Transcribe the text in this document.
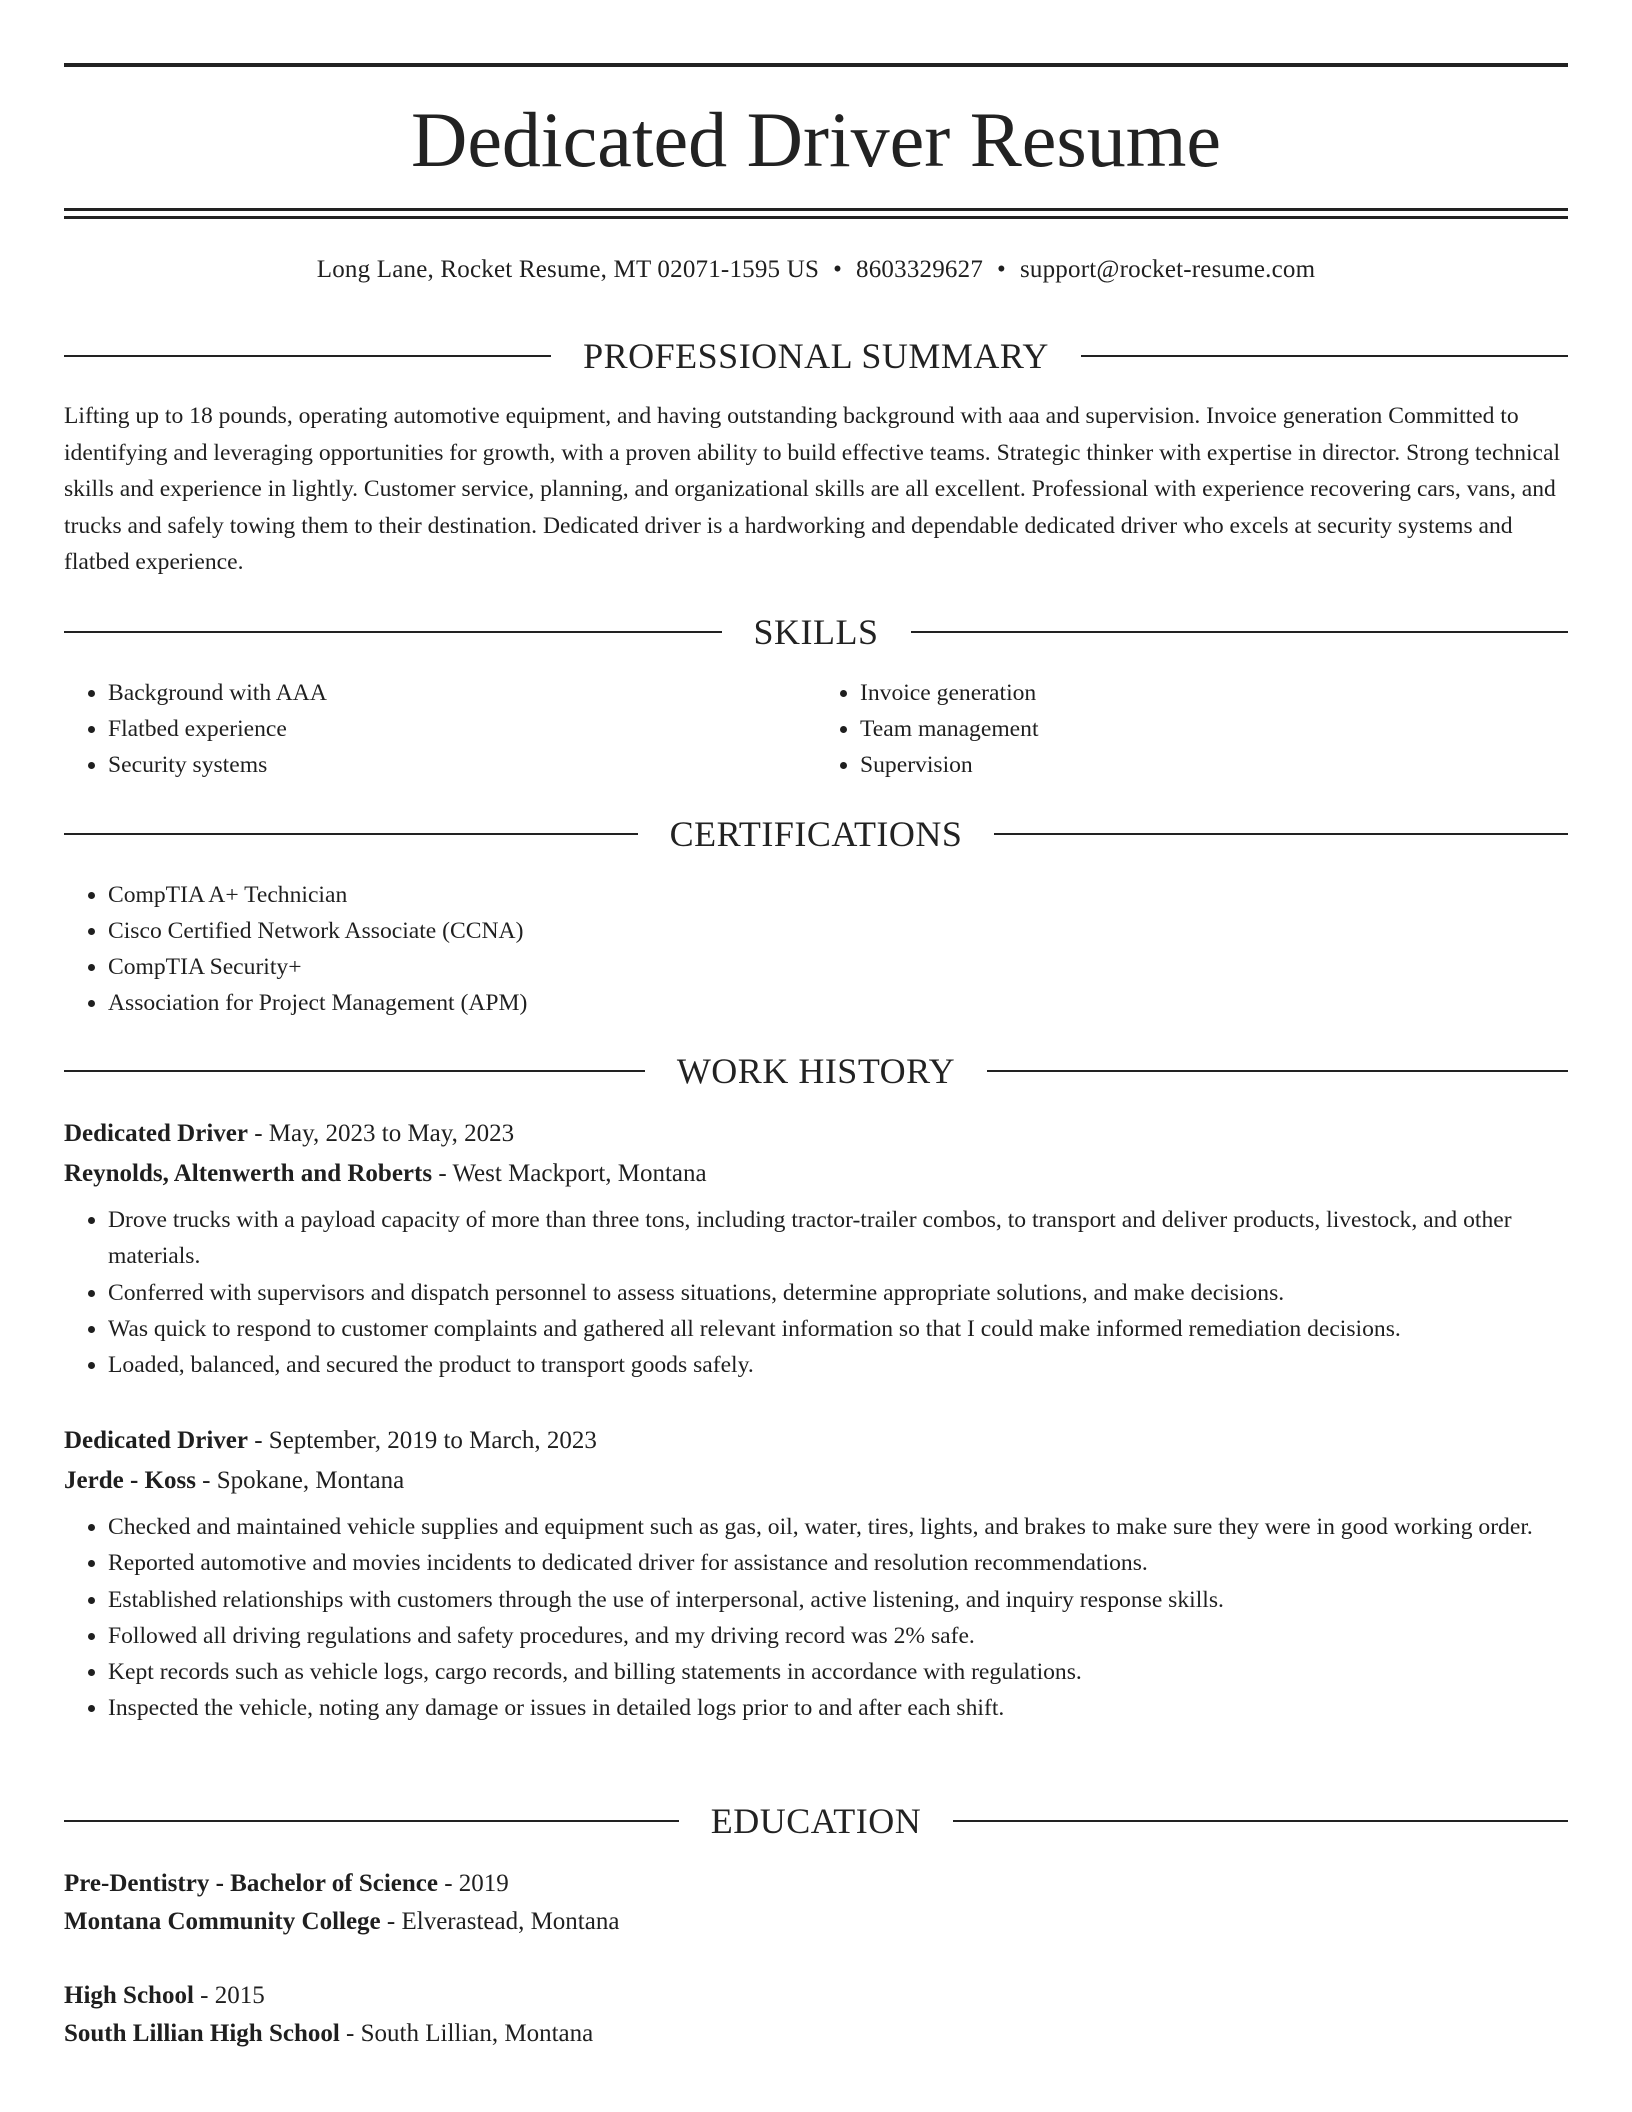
Dedicated Driver Resume
Long Lane, Rocket Resume, MT 02071-1595 US • 8603329627 • support@rocket-resume.com
PROFESSIONAL SUMMARY

Lifting up to 18 pounds, operating automotive equipment, and having outstanding background with aaa and supervision. Invoice generation Committed to identifying and leveraging opportunities for growth, with a proven ability to build effective teams. Strategic thinker with expertise in director. Strong technical skills and experience in lightly. Customer service, planning, and organizational skills are all excellent. Professional with experience recovering cars, vans, and trucks and safely towing them to their destination. Dedicated driver is a hardworking and dependable dedicated driver who excels at security systems and flatbed experience.

SKILLS
• Background with AAA
• Flatbed experience
• Security systems
• Invoice generation
• Team management
• Supervision
CERTIFICATIONS
• CompTIA A+ Technician
• Cisco Certified Network Associate (CCNA)
• CompTIA Security+
• Association for Project Management (APM)
WORK HISTORY
Dedicated Driver - May, 2023 to May, 2023
Reynolds, Altenwerth and Roberts - West Mackport, Montana
• Drove trucks with a payload capacity of more than three tons, including tractor-trailer combos, to transport and deliver products, livestock, and other materials.
• Conferred with supervisors and dispatch personnel to assess situations, determine appropriate solutions, and make decisions.
• Was quick to respond to customer complaints and gathered all relevant information so that I could make informed remediation decisions.
• Loaded, balanced, and secured the product to transport goods safely.
Dedicated Driver - September, 2019 to March, 2023
Jerde - Koss - Spokane, Montana
• Checked and maintained vehicle supplies and equipment such as gas, oil, water, tires, lights, and brakes to make sure they were in good working order.
• Reported automotive and movies incidents to dedicated driver for assistance and resolution recommendations.
• Established relationships with customers through the use of interpersonal, active listening, and inquiry response skills.
• Followed all driving regulations and safety procedures, and my driving record was 2% safe.
• Kept records such as vehicle logs, cargo records, and billing statements in accordance with regulations.
• Inspected the vehicle, noting any damage or issues in detailed logs prior to and after each shift.
EDUCATION
Pre-Dentistry - Bachelor of Science - 2019
Montana Community College - Elverastead, Montana
High School - 2015
South Lillian High School - South Lillian, Montana
